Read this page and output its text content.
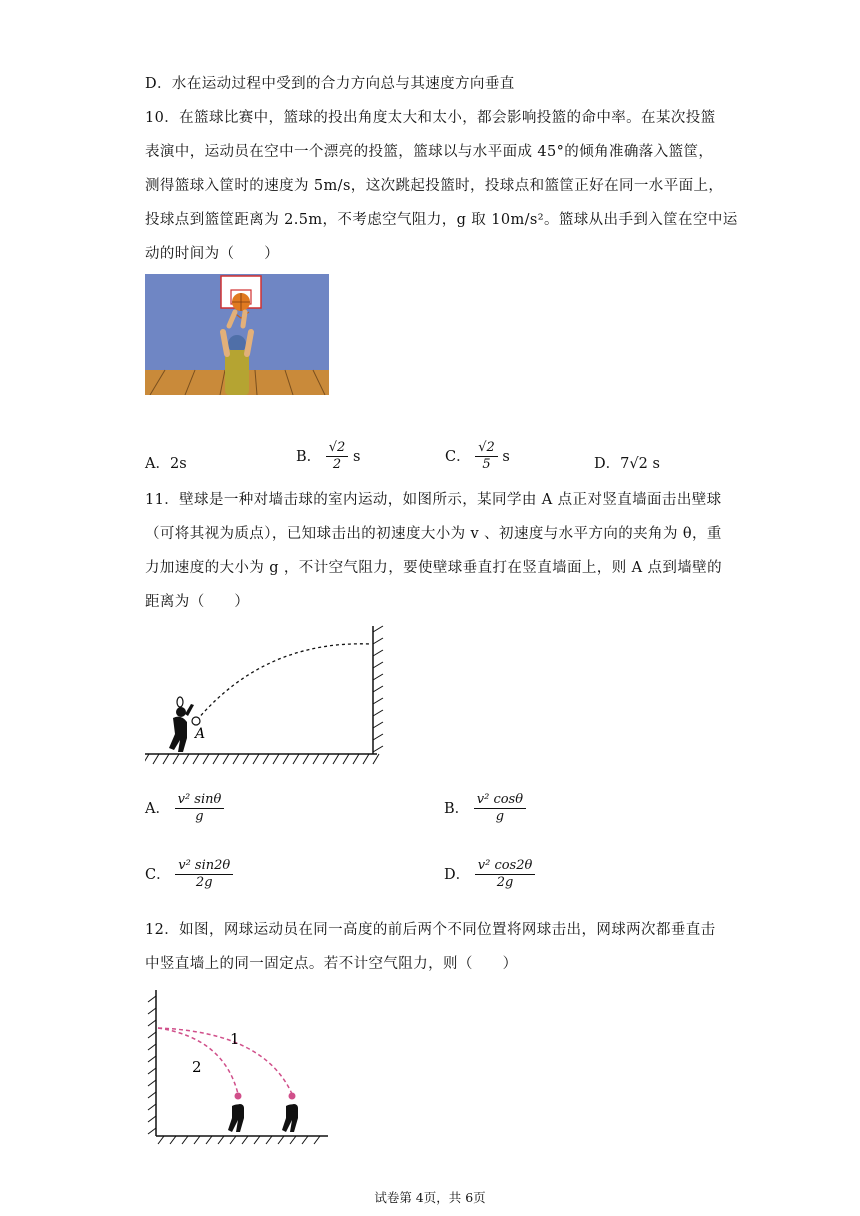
D．水在运动过程中受到的合力方向总与其速度方向垂直
10．在篮球比赛中，篮球的投出角度太大和太小，都会影响投篮的命中率。在某次投篮
表演中，运动员在空中一个漂亮的投篮，篮球以与水平面成 45°的倾角准确落入篮筐，
测得篮球入筐时的速度为 5m/s，这次跳起投篮时，投球点和篮筐正好在同一水平面上，
投球点到篮筐距离为 2.5m，不考虑空气阻力，g 取 10m/s²。篮球从出手到入筐在空中运
动的时间为（　　）
A．2s	B． $\frac{√2}{2}$ s	C． $\frac{√2}{5}$ s	D．7√2 s
11．壁球是一种对墙击球的室内运动，如图所示，某同学由 A 点正对竖直墙面击出壁球
（可将其视为质点），已知球击出的初速度大小为 v 、初速度与水平方向的夹角为 θ，重
力加速度的大小为 g ，不计空气阻力，要使壁球垂直打在竖直墙面上，则 A 点到墙壁的
距离为（　　）
A
A． $\frac{\text{v² sinθ}}{g}$	B． $\frac{\text{v² cosθ}}{g}$
C． $\frac{\text{v² sin2θ}}{2g}$	D． $\frac{\text{v² cos2θ}}{2g}$
12．如图，网球运动员在同一高度的前后两个不同位置将网球击出，网球两次都垂直击
中竖直墙上的同一固定点。若不计空气阻力，则（　　）
1
2
试卷第 4页，共 6页
